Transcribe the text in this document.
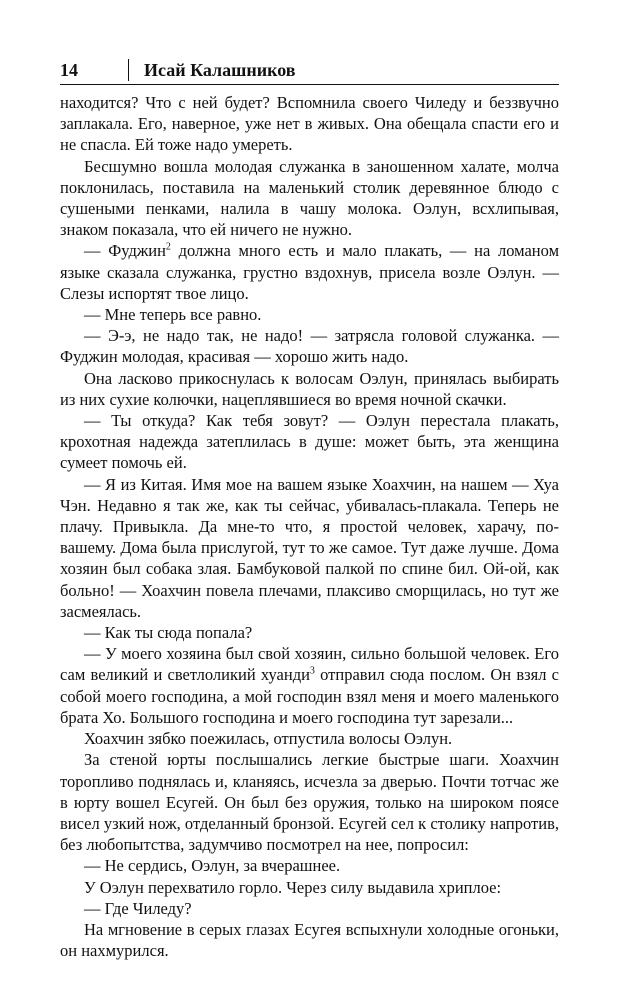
14	Исай Калашников

находится? Что с ней будет? Вспомнила своего Чиледу и беззвучно заплакала. Его, наверное, уже нет в живых. Она обещала спасти его и не спасла. Ей тоже надо умереть.

Бесшумно вошла молодая служанка в заношенном халате, молча поклонилась, поставила на маленький столик деревянное блюдо с сушеными пенками, налила в чашу молока. Оэлун, всхлипывая, знаком показала, что ей ничего не нужно.

— Фуджин$^2$ должна много есть и мало плакать, — на ломаном языке сказала служанка, грустно вздохнув, присела возле Оэлун. — Слезы испортят твое лицо.

— Мне теперь все равно.

— Э-э, не надо так, не надо! — затрясла головой служанка. — Фуджин молодая, красивая — хорошо жить надо.

Она ласково прикоснулась к волосам Оэлун, принялась выбирать из них сухие колючки, нацеплявшиеся во время ночной скачки.

— Ты откуда? Как тебя зовут? — Оэлун перестала плакать, крохотная надежда затеплилась в душе: может быть, эта женщина сумеет помочь ей.

— Я из Китая. Имя мое на вашем языке Хоахчин, на нашем — Хуа Чэн. Недавно я так же, как ты сейчас, убивалась-плакала. Теперь не плачу. Привыкла. Да мне-то что, я простой человек, харачу, по-вашему. Дома была прислугой, тут то же самое. Тут даже лучше. Дома хозяин был собака злая. Бамбуковой палкой по спине бил. Ой-ой, как больно! — Хоахчин повела плечами, плаксиво сморщилась, но тут же засмеялась.

— Как ты сюда попала?

— У моего хозяина был свой хозяин, сильно большой человек. Его сам великий и светлоликий хуанди$^3$ отправил сюда послом. Он взял с собой моего господина, а мой господин взял меня и моего маленького брата Хо. Большого господина и моего господина тут зарезали...

Хоахчин зябко поежилась, отпустила волосы Оэлун.

За стеной юрты послышались легкие быстрые шаги. Хоахчин торопливо поднялась и, кланяясь, исчезла за дверью. Почти тотчас же в юрту вошел Есугей. Он был без оружия, только на широком поясе висел узкий нож, отделанный бронзой. Есугей сел к столику напротив, без любопытства, задумчиво посмотрел на нее, попросил:

— Не сердись, Оэлун, за вчерашнее.

У Оэлун перехватило горло. Через силу выдавила хриплое:

— Где Чиледу?

На мгновение в серых глазах Есугея вспыхнули холодные огоньки, он нахмурился.
